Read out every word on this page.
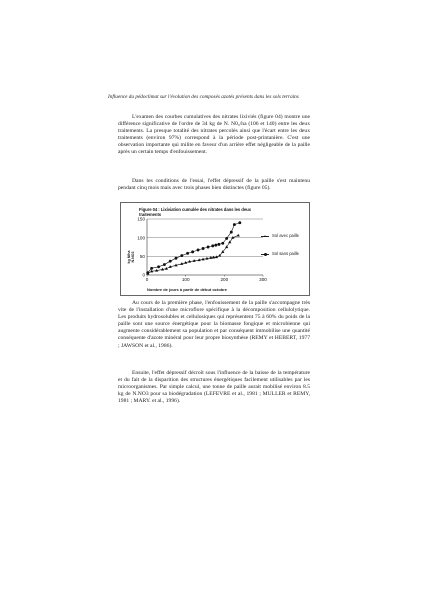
Influence du pédoclimat sur l'évolution des composés azotés présents dans les sols terrains

L'examen des courbes cumulatives des nitrates lixiviés (figure 04) montre une différence significative de l'ordre de 34 kg de N. N0₃/ha (106 et 140) entre les deux traitements. La presque totalité des nitrates percolés ainsi que l'écart entre les deux traitements (environ 97%) correspond à la période post-printanière. C'est une observation importante qui milite en faveur d'un arrière effet négligeable de la paille après un certain temps d'enfouissement.

Dans les conditions de l'essai, l'effet dépressif de la paille s'est maintenu pendant cinq mois mais avec trois phases bien distinctes (figure 05).

Figure 04 : Lixiviation cumulée des nitrates dans les deux traitements
kg N/ha N.NO3
0
50
100
150
0	100	200	300
Nombre de jours à partir de début octobre
Sol avec paille
Sol sans paille

Au cours de la première phase, l'enfouissement de la paille s'accompagne très vite de l'installation d'une microflore spécifique à la décomposition cellulolytique. Les produits hydrosolubles et cellulosiques qui représentent 75 à 60% du poids de la paille sont une source énergétique pour la biomasse fongique et microbienne qui augmente considérablement sa population et par conséquent immobilise une quantité conséquente d'azote minéral pour leur propre biosynthèse (REMY et HEBERT, 1977 ; JAWSON et al., 1986).

Ensuite, l'effet dépressif décroît sous l'influence de la baisse de la température et du fait de la disparition des structures énergétiques facilement utilisables par les microorganismes. Par simple calcul, une tonne de paille aurait mobilisé environ 8.5 kg de N.NO3 pour sa biodégradation (LEFEVRE et al., 1981 ; MULLER et REMY, 1981 ; MARY. et al., 1996).
